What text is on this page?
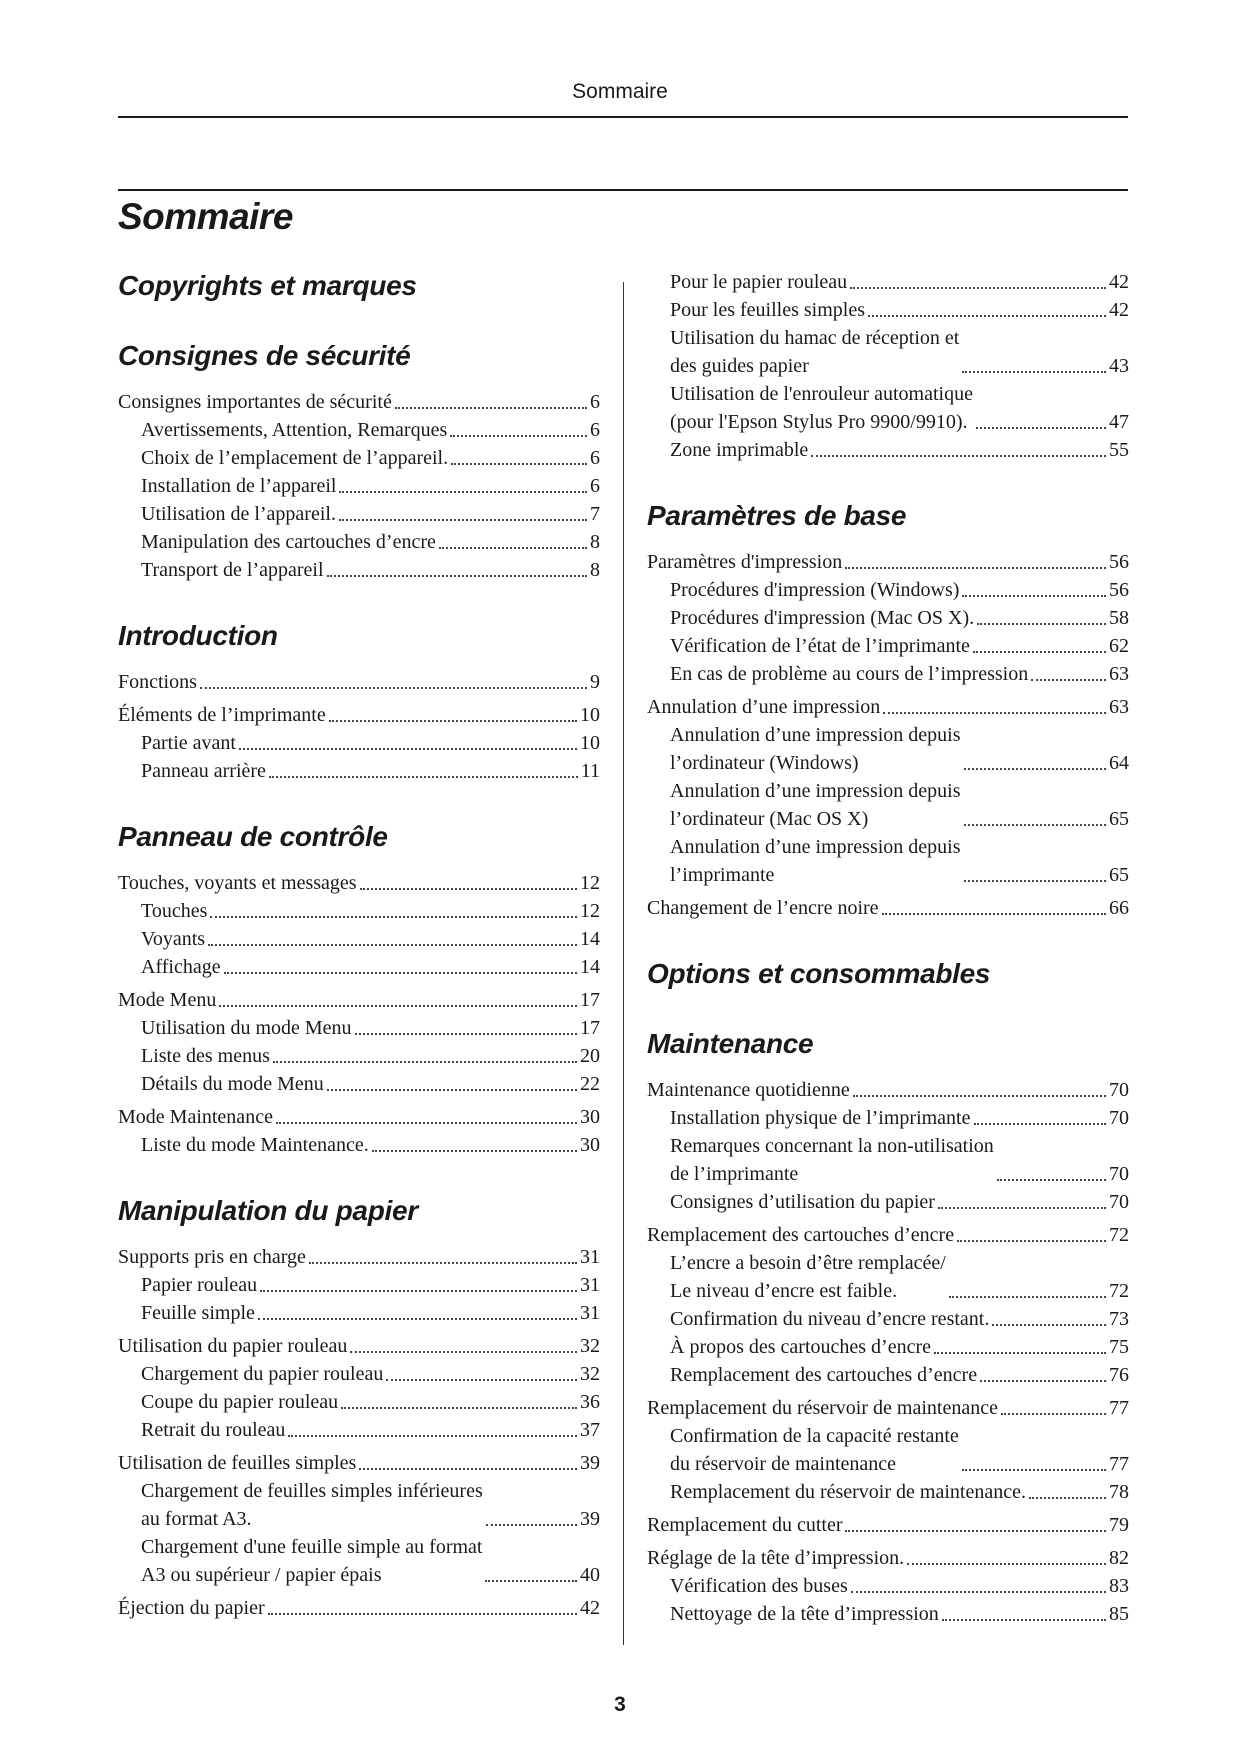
Sommaire
Sommaire
Copyrights et marques
Consignes de sécurité
Consignes importantes de sécurité	6
Avertissements, Attention, Remarques	6
Choix de l’emplacement de l’appareil.	6
Installation de l’appareil	6
Utilisation de l’appareil.	7
Manipulation des cartouches d’encre	8
Transport de l’appareil	8
Introduction
Fonctions	9
Éléments de l’imprimante	10
Partie avant	10
Panneau arrière	11
Panneau de contrôle
Touches, voyants et messages	12
Touches	12
Voyants	14
Affichage	14
Mode Menu	17
Utilisation du mode Menu	17
Liste des menus	20
Détails du mode Menu	22
Mode Maintenance	30
Liste du mode Maintenance.	30
Manipulation du papier
Supports pris en charge	31
Papier rouleau	31
Feuille simple	31
Utilisation du papier rouleau	32
Chargement du papier rouleau	32
Coupe du papier rouleau	36
Retrait du rouleau	37
Utilisation de feuilles simples	39
Chargement de feuilles simples inférieures
au format A3.	39
Chargement d'une feuille simple au format
A3 ou supérieur / papier épais	40
Éjection du papier	42
Pour le papier rouleau	42
Pour les feuilles simples	42
Utilisation du hamac de réception et
des guides papier	43
Utilisation de l'enrouleur automatique
(pour l'Epson Stylus Pro 9900/9910).	47
Zone imprimable	55
Paramètres de base
Paramètres d'impression	56
Procédures d'impression (Windows)	56
Procédures d'impression (Mac OS X).	58
Vérification de l’état de l’imprimante	62
En cas de problème au cours de l’impression	63
Annulation d’une impression	63
Annulation d’une impression depuis
l’ordinateur (Windows)	64
Annulation d’une impression depuis
l’ordinateur (Mac OS X)	65
Annulation d’une impression depuis
l’imprimante	65
Changement de l’encre noire	66
Options et consommables
Maintenance
Maintenance quotidienne	70
Installation physique de l’imprimante	70
Remarques concernant la non-utilisation
de l’imprimante	70
Consignes d’utilisation du papier	70
Remplacement des cartouches d’encre	72
L’encre a besoin d’être remplacée/
Le niveau d’encre est faible.	72
Confirmation du niveau d’encre restant.	73
À propos des cartouches d’encre	75
Remplacement des cartouches d’encre	76
Remplacement du réservoir de maintenance	77
Confirmation de la capacité restante
du réservoir de maintenance	77
Remplacement du réservoir de maintenance.	78
Remplacement du cutter	79
Réglage de la tête d’impression.	82
Vérification des buses	83
Nettoyage de la tête d’impression	85
3
